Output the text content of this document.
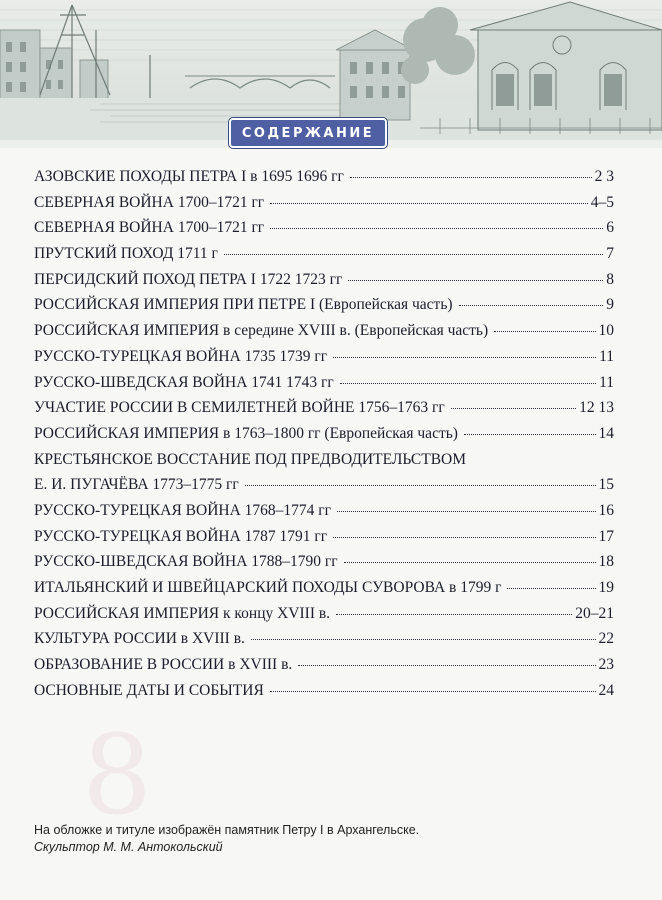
СОДЕРЖАНИЕ
АЗОВСКИЕ ПОХОДЫ ПЕТРА I в 1695 1696 гг	2 3
СЕВЕРНАЯ ВОЙНА 1700–1721 гг	4–5
СЕВЕРНАЯ ВОЙНА 1700–1721 гг	6
ПРУТСКИЙ ПОХОД 1711 г	7
ПЕРСИДСКИЙ ПОХОД ПЕТРА I 1722 1723 гг	8
РОССИЙСКАЯ ИМПЕРИЯ ПРИ ПЕТРЕ I (Европейская часть)	9
РОССИЙСКАЯ ИМПЕРИЯ в середине XVIII в. (Европейская часть)	10
РУССКО-ТУРЕЦКАЯ ВОЙНА 1735 1739 гг	11
РУССКО-ШВЕДСКАЯ ВОЙНА 1741 1743 гг	11
УЧАСТИЕ РОССИИ В СЕМИЛЕТНЕЙ ВОЙНЕ 1756–1763 гг	12 13
РОССИЙСКАЯ ИМПЕРИЯ в 1763–1800 гг (Европейская часть)	14
КРЕСТЬЯНСКОЕ ВОССТАНИЕ ПОД ПРЕДВОДИТЕЛЬСТВОМ
Е. И. ПУГАЧЁВА 1773–1775 гг	15
РУССКО-ТУРЕЦКАЯ ВОЙНА 1768–1774 гг	16
РУССКО-ТУРЕЦКАЯ ВОЙНА 1787 1791 гг	17
РУССКО-ШВЕДСКАЯ ВОЙНА 1788–1790 гг	18
ИТАЛЬЯНСКИЙ И ШВЕЙЦАРСКИЙ ПОХОДЫ СУВОРОВА в 1799 г	19
РОССИЙСКАЯ ИМПЕРИЯ к концу XVIII в.	20–21
КУЛЬТУРА РОССИИ в XVIII в.	22
ОБРАЗОВАНИЕ В РОССИИ в XVIII в.	23
ОСНОВНЫЕ ДАТЫ И СОБЫТИЯ	24
8
На обложке и титуле изображён памятник Петру I в Архангельске.
Скульптор М. М. Антокольский
